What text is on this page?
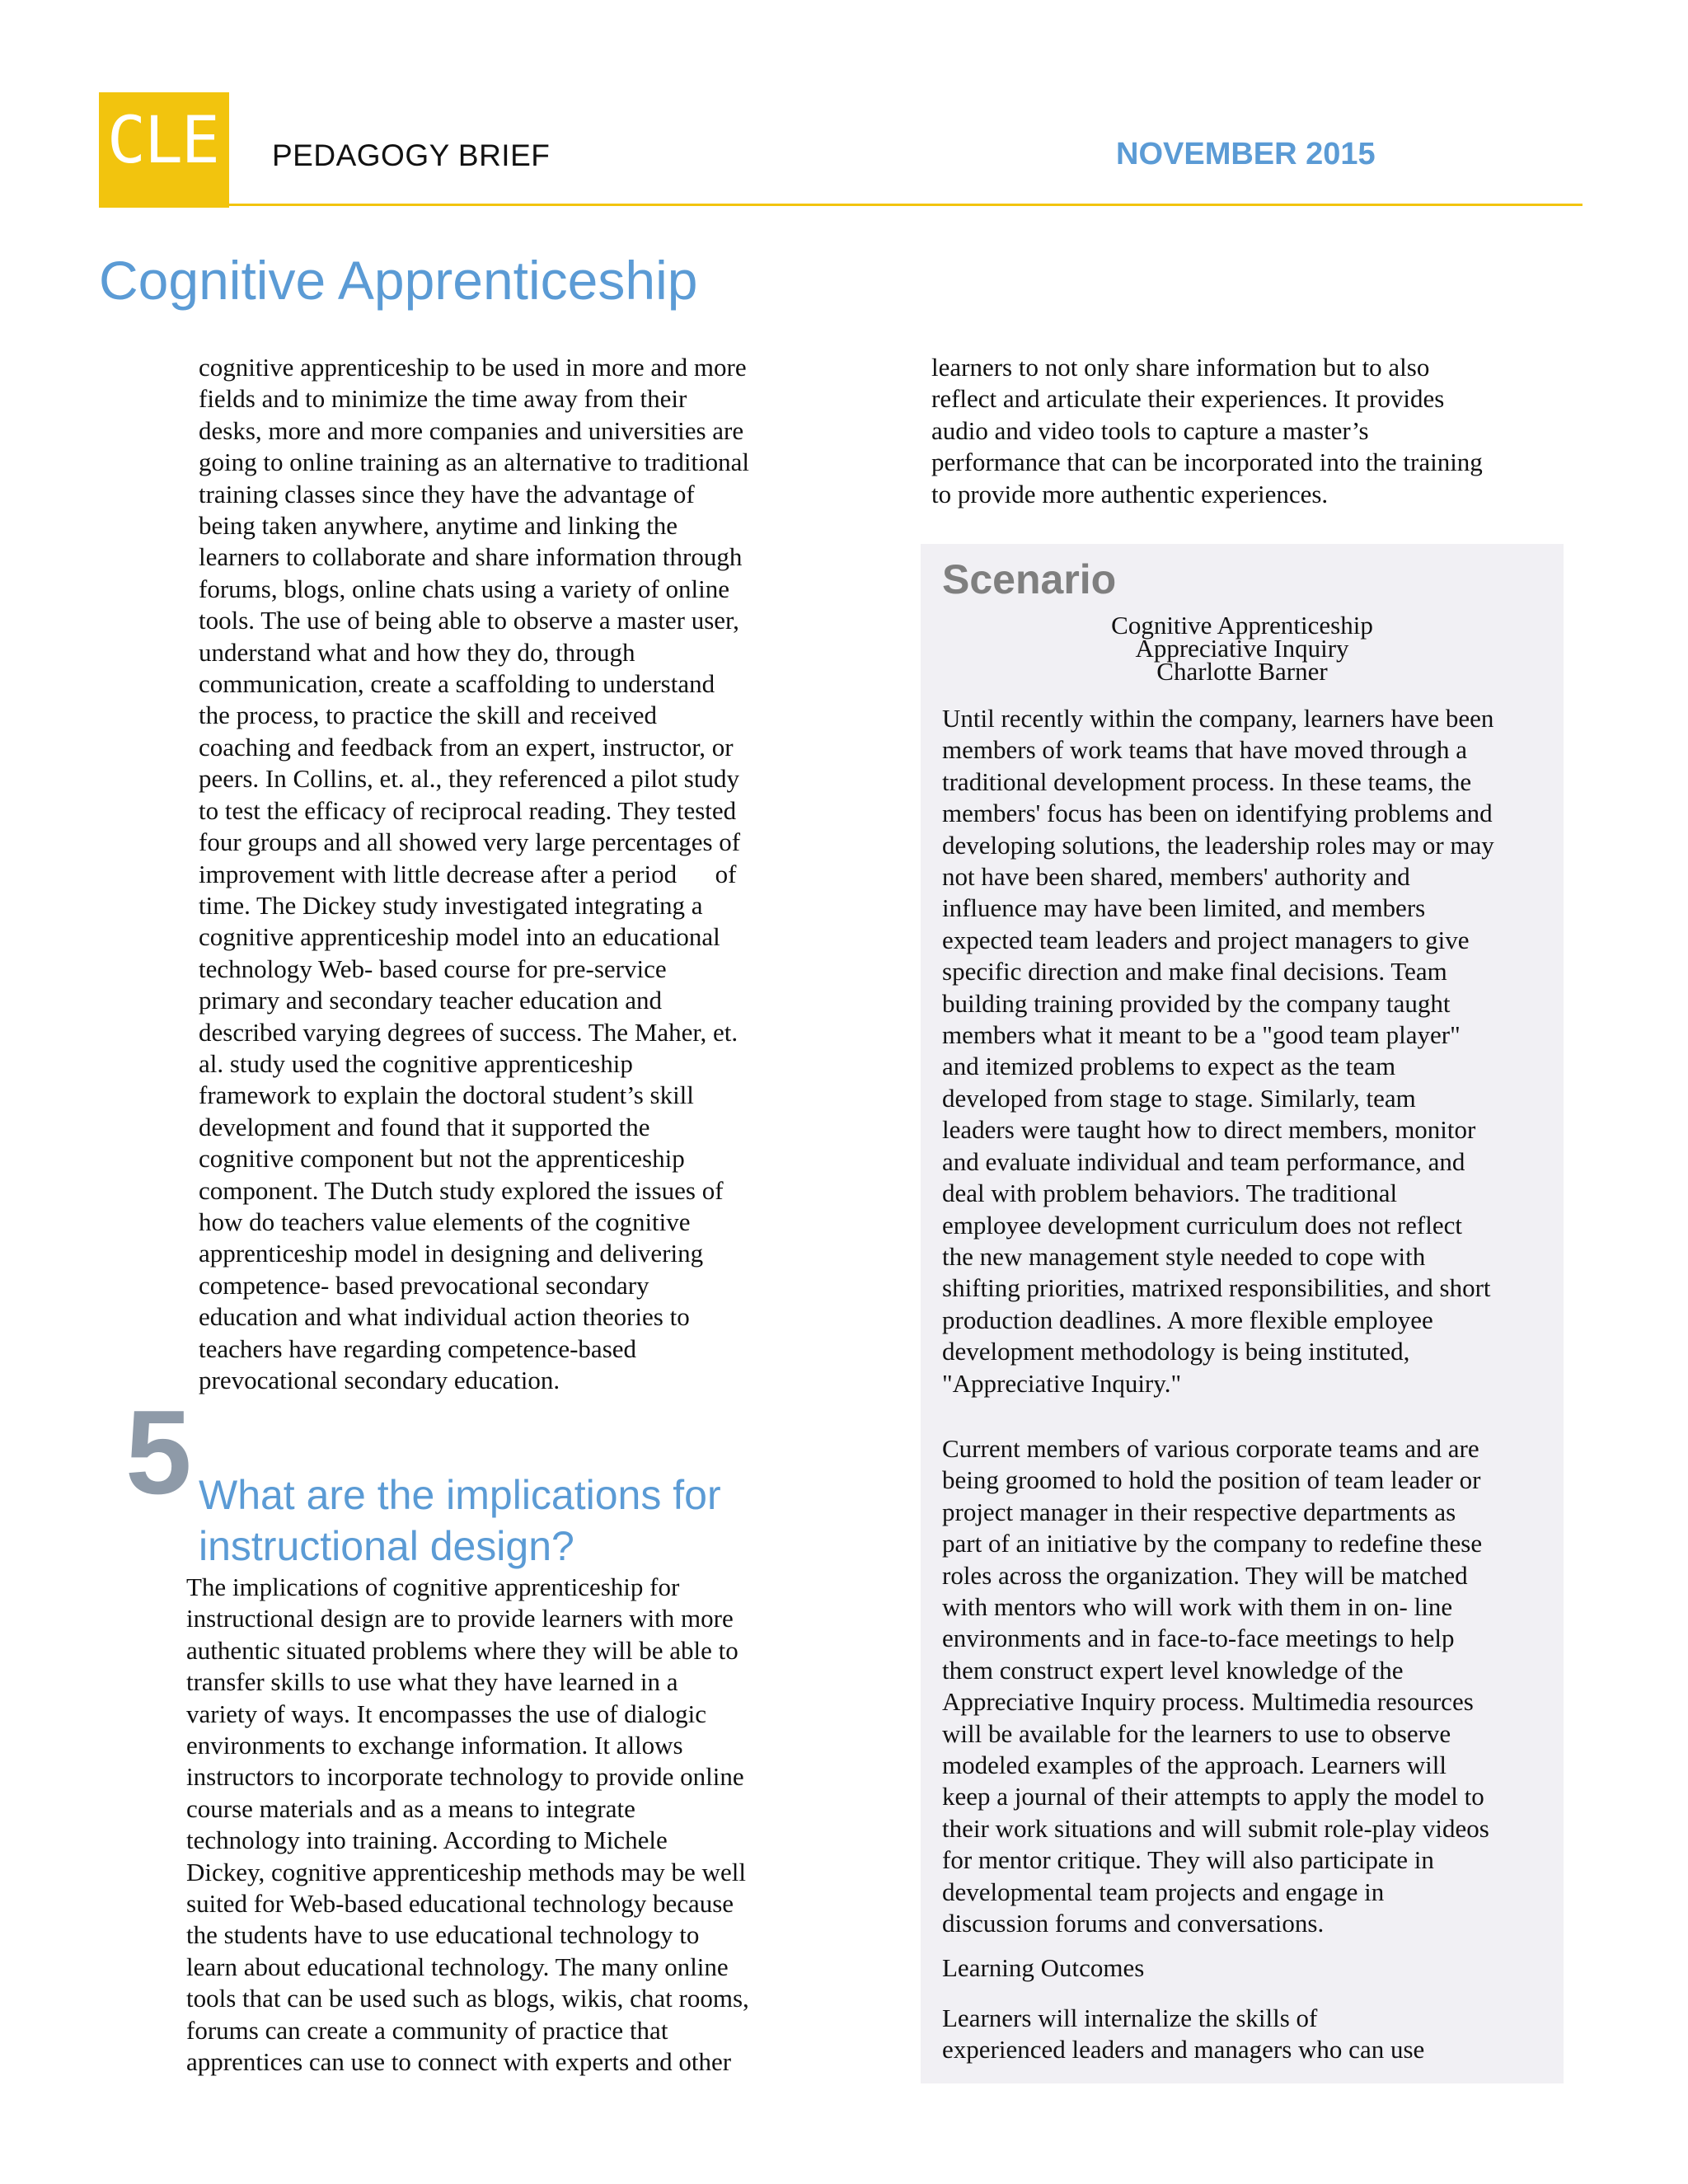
CLE PEDAGOGY BRIEF	NOVEMBER 2015
Cognitive Apprenticeship

cognitive apprenticeship to be used in more and more
fields and to minimize the time away from their
desks, more and more companies and universities are
going to online training as an alternative to traditional
training classes since they have the advantage of
being taken anywhere, anytime and linking the
learners to collaborate and share information through
forums, blogs, online chats using a variety of online
tools. The use of being able to observe a master user,
understand what and how they do, through
communication, create a scaffolding to understand
the process, to practice the skill and received
coaching and feedback from an expert, instructor, or
peers. In Collins, et. al., they referenced a pilot study
to test the efficacy of reciprocal reading. They tested
four groups and all showed very large percentages of
improvement with little decrease after a period      of
time. The Dickey study investigated integrating a
cognitive apprenticeship model into an educational
technology Web- based course for pre-service
primary and secondary teacher education and
described varying degrees of success. The Maher, et.
al. study used the cognitive apprenticeship
framework to explain the doctoral student’s skill
development and found that it supported the
cognitive component but not the apprenticeship
component. The Dutch study explored the issues of
how do teachers value elements of the cognitive
apprenticeship model in designing and delivering
competence- based prevocational secondary
education and what individual action theories to
teachers have regarding competence-based
prevocational secondary education.

5 What are the implications for
instructional design?

The implications of cognitive apprenticeship for
instructional design are to provide learners with more
authentic situated problems where they will be able to
transfer skills to use what they have learned in a
variety of ways. It encompasses the use of dialogic
environments to exchange information. It allows
instructors to incorporate technology to provide online
course materials and as a means to integrate
technology into training. According to Michele
Dickey, cognitive apprenticeship methods may be well
suited for Web-based educational technology because
the students have to use educational technology to
learn about educational technology. The many online
tools that can be used such as blogs, wikis, chat rooms,
forums can create a community of practice that
apprentices can use to connect with experts and other

learners to not only share information but to also
reflect and articulate their experiences. It provides
audio and video tools to capture a master’s
performance that can be incorporated into the training
to provide more authentic experiences.

Scenario
Cognitive Apprenticeship
Appreciative Inquiry
Charlotte Barner

Until recently within the company, learners have been
members of work teams that have moved through a
traditional development process. In these teams, the
members' focus has been on identifying problems and
developing solutions, the leadership roles may or may
not have been shared, members' authority and
influence may have been limited, and members
expected team leaders and project managers to give
specific direction and make final decisions. Team
building training provided by the company taught
members what it meant to be a "good team player"
and itemized problems to expect as the team
developed from stage to stage. Similarly, team
leaders were taught how to direct members, monitor
and evaluate individual and team performance, and
deal with problem behaviors. The traditional
employee development curriculum does not reflect
the new management style needed to cope with
shifting priorities, matrixed responsibilities, and short
production deadlines. A more flexible employee
development methodology is being instituted,
"Appreciative Inquiry."

Current members of various corporate teams and are
being groomed to hold the position of team leader or
project manager in their respective departments as
part of an initiative by the company to redefine these
roles across the organization. They will be matched
with mentors who will work with them in on- line
environments and in face-to-face meetings to help
them construct expert level knowledge of the
Appreciative Inquiry process. Multimedia resources
will be available for the learners to use to observe
modeled examples of the approach. Learners will
keep a journal of their attempts to apply the model to
their work situations and will submit role-play videos
for mentor critique. They will also participate in
developmental team projects and engage in
discussion forums and conversations.

Learning Outcomes

Learners will internalize the skills of
experienced leaders and managers who can use
